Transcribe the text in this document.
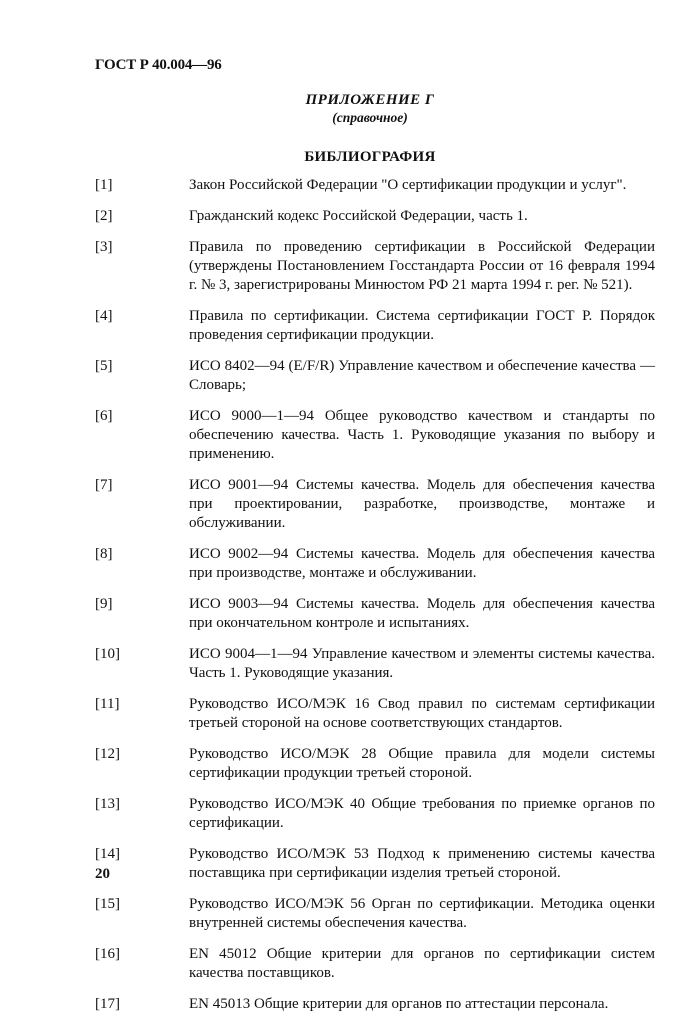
ГОСТ Р 40.004—96
ПРИЛОЖЕНИЕ Г
(справочное)
БИБЛИОГРАФИЯ
[1]	Закон Российской Федерации "О сертификации продукции и услуг".
[2]	Гражданский кодекс Российской Федерации, часть 1.
[3]	Правила по проведению сертификации в Российской Федерации (утверждены Постановлением Госстандарта России от 16 февраля 1994 г. № 3, зарегистрированы Минюстом РФ 21 марта 1994 г. рег. № 521).
[4]	Правила по сертификации. Система сертификации ГОСТ Р. Порядок проведения сертификации продукции.
[5]	ИСО 8402—94 (E/F/R) Управление качеством и обеспечение качества — Словарь;
[6]	ИСО 9000—1—94 Общее руководство качеством и стандарты по обеспечению качества. Часть 1. Руководящие указания по выбору и применению.
[7]	ИСО 9001—94 Системы качества. Модель для обеспечения качества при проектировании, разработке, производстве, монтаже и обслуживании.
[8]	ИСО 9002—94 Системы качества. Модель для обеспечения качества при производстве, монтаже и обслуживании.
[9]	ИСО 9003—94 Системы качества. Модель для обеспечения качества при окончательном контроле и испытаниях.
[10]	ИСО 9004—1—94 Управление качеством и элементы системы качества. Часть 1. Руководящие указания.
[11]	Руководство ИСО/МЭК 16 Свод правил по системам сертификации третьей стороной на основе соответствующих стандартов.
[12]	Руководство ИСО/МЭК 28 Общие правила для модели системы сертификации продукции третьей стороной.
[13]	Руководство ИСО/МЭК 40 Общие требования по приемке органов по сертификации.
[14]	Руководство ИСО/МЭК 53 Подход к применению системы качества поставщика при сертификации изделия третьей стороной.
[15]	Руководство ИСО/МЭК 56 Орган по сертификации. Методика оценки внутренней системы обеспечения качества.
[16]	EN 45012 Общие критерии для органов по сертификации систем качества поставщиков.
[17]	EN 45013 Общие критерии для органов по аттестации персонала.
20
